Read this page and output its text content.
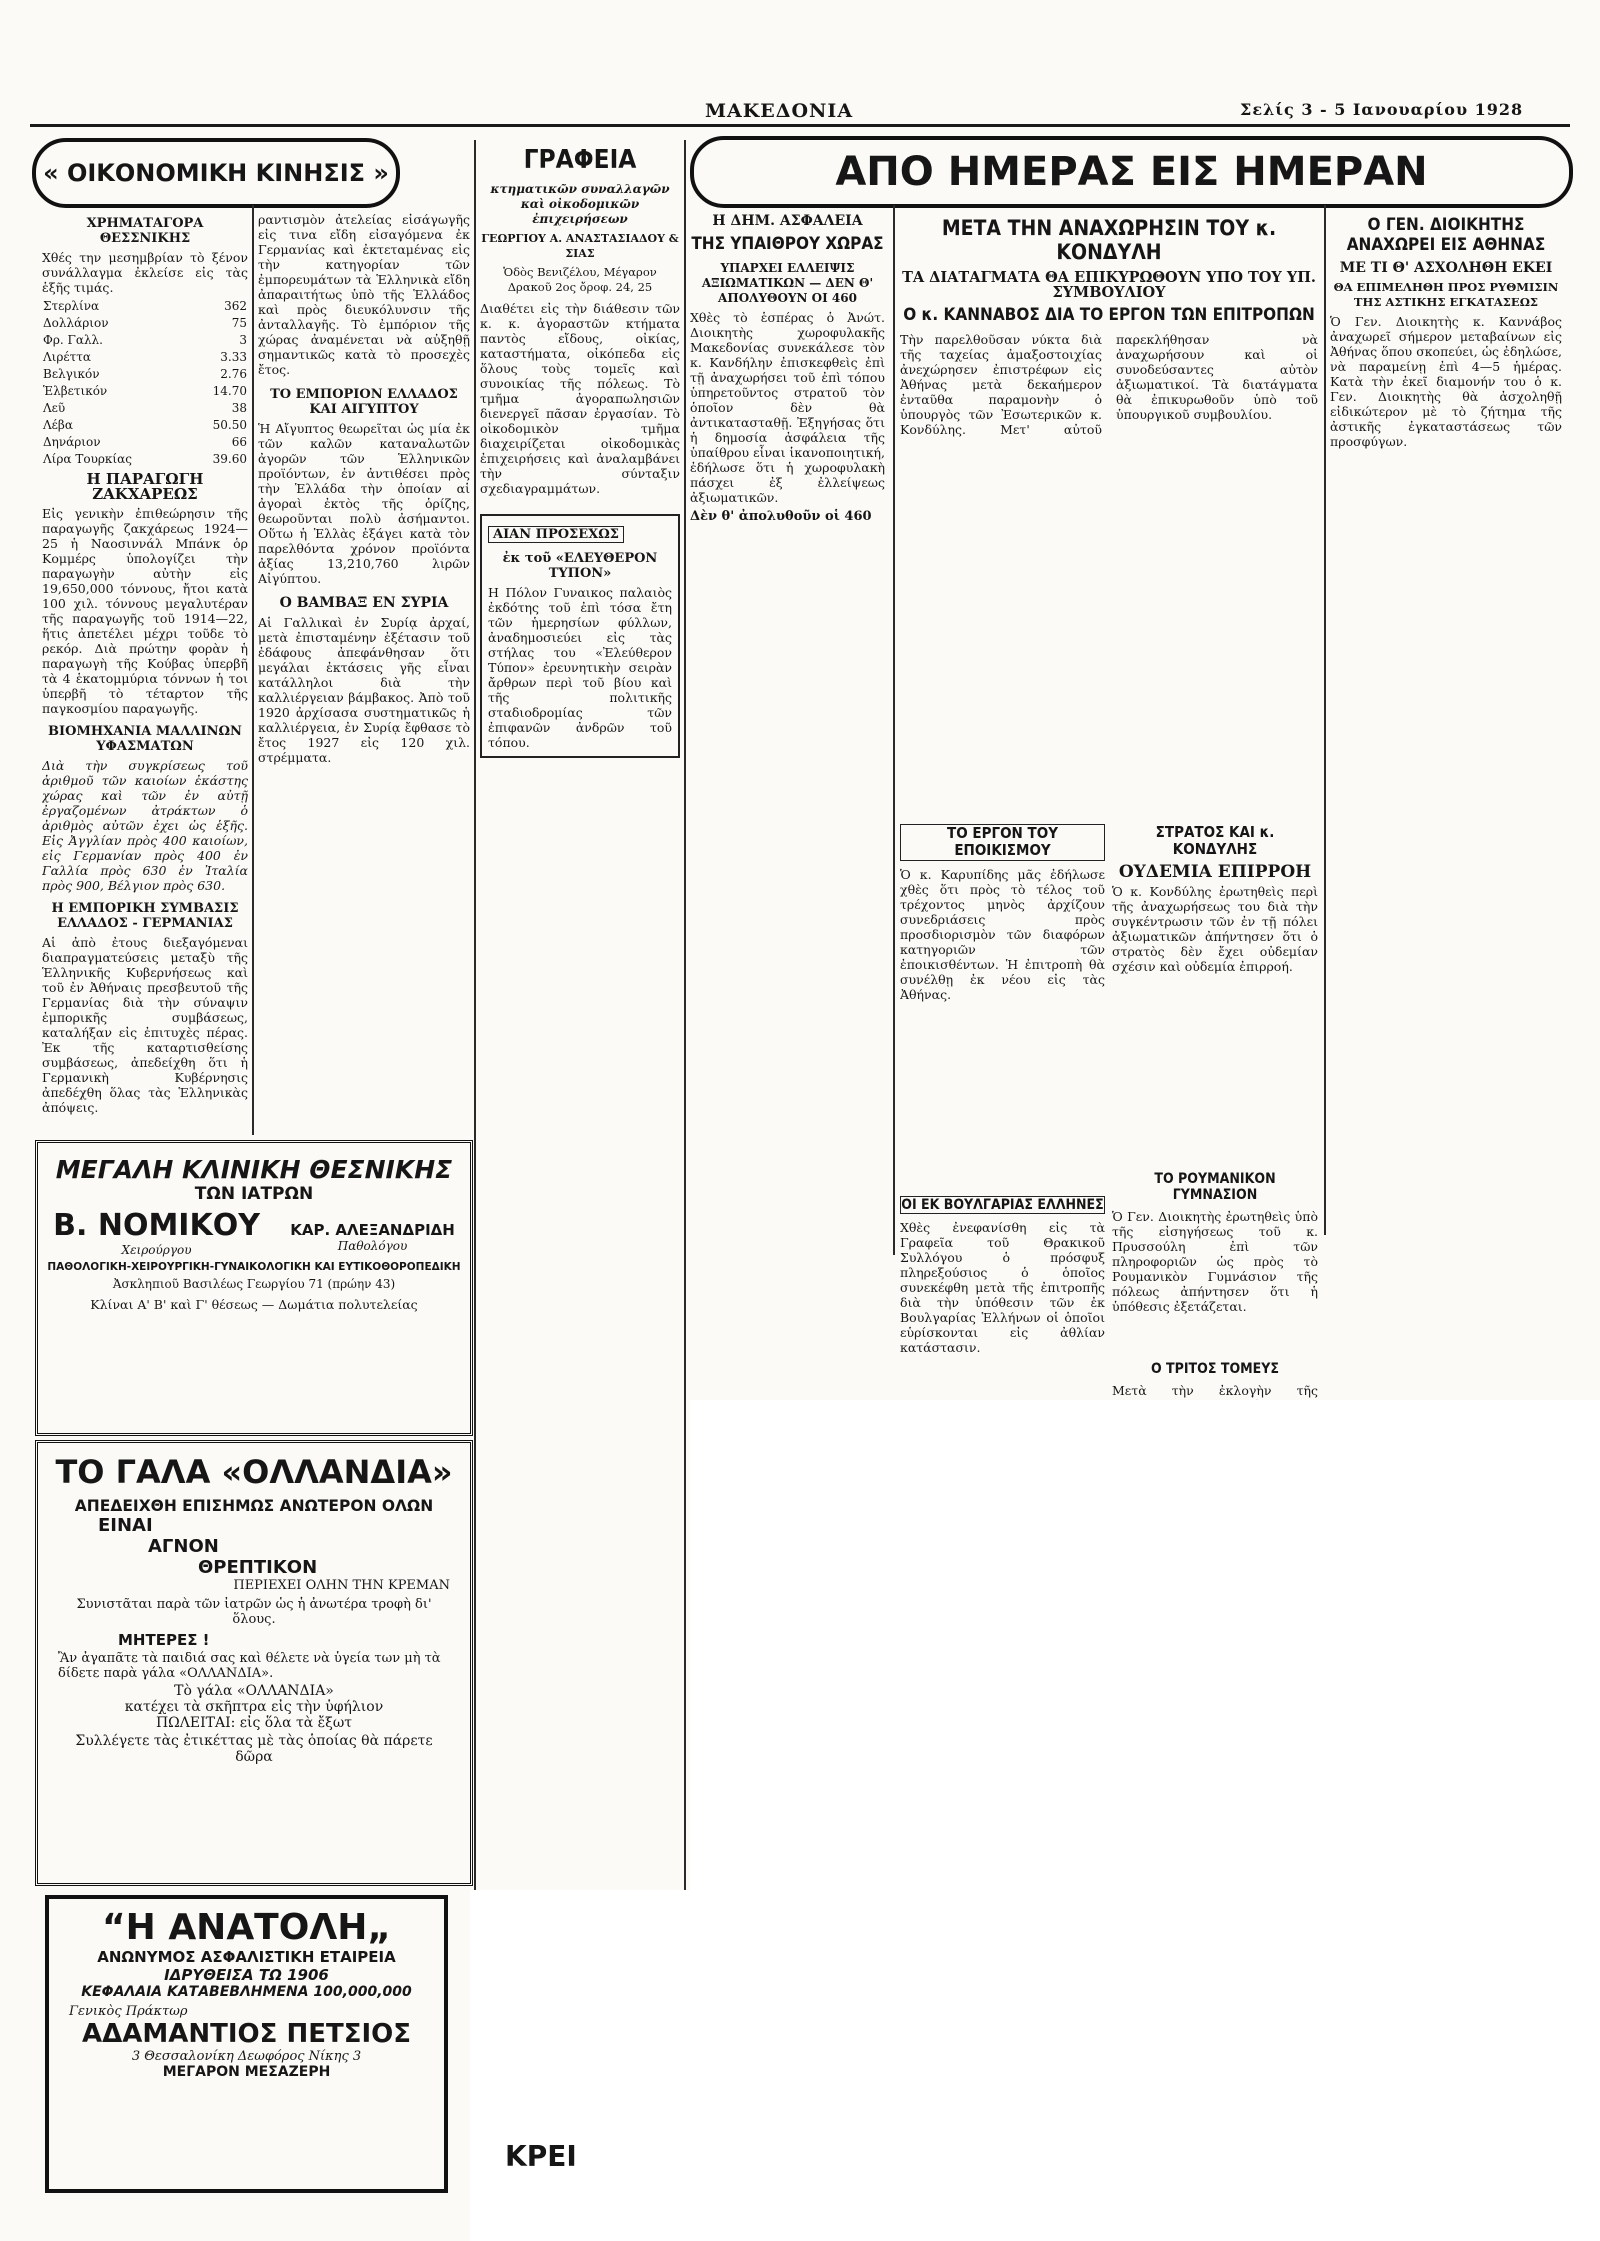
ΜΑΚΕΔΟΝΙΑ	Σελίς 3 - 5 Ιανουαρίου 1928
« ΟΙΚΟΝΟΜΙΚΗ ΚΙΝΗΣΙΣ »
ΧΡΗΜΑΤΑΓΟΡΑ ΘΕΣΣΝΙΚΗΣ
Χθές την μεσημβρίαν τὸ ξένον συνάλλαγμα ἐκλείσε εἰς τὰς ἑξῆς τιμάς.
Στερλίνα	362
Δολλάριον	75
Φρ. Γαλλ.	3
Λιρέττα	3.33
Βελγικόν	2.76
Ἑλβετικόν	14.70
Λεῦ	38
Λέβα	50.50
Δηνάριον	66
Λίρα Τουρκίας	39.60
Η ΠΑΡΑΓΩΓΗ ΖΑΚΧΑΡΕΩΣ
Εἰς γενικὴν ἐπιθεώρησιν τῆς παραγωγῆς ζακχάρεως 1924—25 ἡ Ναοσιννάλ Μπάνκ ὁρ Κομμέρς ὑπολογίζει τὴν παραγωγὴν αὐτὴν εἰς 19,650,000 τόννους, ἤτοι κατὰ 100 χιλ. τόννους μεγαλυτέραν τῆς παραγωγῆς τοῦ 1914—22, ἥτις ἀπετέλει μέχρι τοῦδε τὸ ρεκόρ. Διὰ πρώτην φορὰν ἡ παραγωγὴ τῆς Κούβας ὑπερβῆ τὰ 4 ἑκατομμύρια τόννων ἡ τοι ὑπερβῆ τὸ τέταρτον τῆς παγκοσμίου παραγωγῆς.
ΒΙΟΜΗΧΑΝΙΑ ΜΑΛΛΙΝΩΝ ΥΦΑΣΜΑΤΩΝ
Διὰ τὴν συγκρίσεως τοῦ ἀριθμοῦ τῶν καιοίων ἐκάστης χώρας καὶ τῶν ἐν αὐτῇ ἐργαζομένων ἀτράκτων ὁ ἀριθμὸς αὐτῶν ἐχει ὡς ἑξῆς. Εἰς Ἀγγλίαν πρὸς 400 καιοίων, εἰς Γερμανίαν πρὸς 400 ἐν Γαλλία πρὸς 630 ἐν Ἰταλία πρὸς 900, Βέλγιον πρὸς 630.
Η ΕΜΠΟΡΙΚΗ ΣΥΜΒΑΣΙΣ ΕΛΛΑΔΟΣ - ΓΕΡΜΑΝΙΑΣ
Αἱ ἀπὸ ἐτους διεξαγόμεναι διαπραγματεύσεις μεταξὺ τῆς Ἑλληνικῆς Κυβερνήσεως καὶ τοῦ ἐν Ἀθήναις πρεσβευτοῦ τῆς Γερμανίας διὰ τὴν σύναψιν ἐμπορικῆς συμβάσεως, καταλήξαν εἰς ἐπιτυχὲς πέρας. Ἐκ τῆς καταρτισθείσης συμβάσεως, ἀπεδείχθη ὅτι ἡ Γερμανικὴ Κυβέρνησις ἀπεδέχθη ὅλας τὰς Ἑλληνικὰς ἀπόψεις.
ραντισμὸν ἀτελείας εἰσάγωγῆς εἰς τινα εἴδη εἰσαγόμενα ἐκ Γερμανίας καὶ ἐκτεταμένας εἰς τὴν κατηγορίαν τῶν ἐμπορευμάτων τὰ Ἑλληνικὰ εἴδη ἀπαραιτήτως ὑπὸ τῆς Ἑλλάδος καὶ πρὸς διευκόλυνσιν τῆς ἀνταλλαγῆς. Τὸ ἐμπόριον τῆς χώρας ἀναμένεται νὰ αὐξηθῇ σημαντικῶς κατὰ τὸ προσεχὲς ἔτος.
ΤΟ ΕΜΠΟΡΙΟΝ ΕΛΛΑΔΟΣ ΚΑΙ ΑΙΓΥΠΤΟΥ
Ἡ Αἴγυπτος θεωρεῖται ὡς μία ἐκ τῶν καλῶν καταναλωτῶν ἀγορῶν τῶν Ἑλληνικῶν προϊόντων, ἐν ἀντιθέσει πρὸς τὴν Ἑλλάδα τὴν ὁποίαν αἱ ἀγοραὶ ἐκτὸς τῆς ὁρίζης, θεωροῦνται πολὺ ἀσήμαντοι. Οὕτω ἡ Ἑλλὰς ἐξάγει κατὰ τὸν παρελθόντα χρόνον προϊόντα ἀξίας 13,210,760 λιρῶν Αἰγύπτου.
Ο ΒΑΜΒΑΞ ΕΝ ΣΥΡΙΑ
Αἱ Γαλλικαὶ ἐν Συρίᾳ ἀρχαί, μετὰ ἐπισταμένην ἐξέτασιν τοῦ ἐδάφους ἀπεφάνθησαν ὅτι μεγάλαι ἐκτάσεις γῆς εἶναι κατάλληλοι διὰ τὴν καλλιέργειαν βάμβακος. Ἀπὸ τοῦ 1920 ἀρχίσασα συστηματικῶς ἡ καλλιέργεια, ἐν Συρίᾳ ἔφθασε τὸ ἔτος 1927 εἰς 120 χιλ. στρέμματα.
ΓΡΑΦΕΙΑ
κτηματικῶν συναλλαγῶν καὶ οἰκοδομικῶν ἐπιχειρήσεων
ΓΕΩΡΓΙΟΥ Α. ΑΝΑΣΤΑΣΙΑΔΟΥ & ΣΙΑΣ
Ὁδὸς Βενιζέλου, Μέγαρον Δρακοῦ 2ος ὄροφ. 24, 25
Διαθέτει εἰς τὴν διάθεσιν τῶν κ. κ. ἀγοραστῶν κτήματα παντὸς εἴδους, οἰκίας, καταστήματα, οἰκόπεδα εἰς ὅλους τοὺς τομεῖς καὶ συνοικίας τῆς πόλεως. Τὸ τμῆμα ἀγοραπωλησιῶν διενεργεῖ πᾶσαν ἐργασίαν. Τὸ οἰκοδομικὸν τμῆμα διαχειρίζεται οἰκοδομικὰς ἐπιχειρήσεις καὶ ἀναλαμβάνει τὴν σύνταξιν σχεδιαγραμμάτων.
ΑΙΑΝ ΠΡΟΣΕΧΩΣ
ἐκ τοῦ «ΕΛΕΥΘΕΡΟΝ ΤΥΠΟΝ»
Η Πόλον Γυναικος παλαιὸς ἐκδότης τοῦ ἐπὶ τόσα ἔτη τῶν ἡμερησίων φύλλων, ἀναδημοσιεύει εἰς τὰς στήλας του «Ἐλεύθερον Τύπον» ἐρευνητικὴν σειρὰν ἄρθρων περὶ τοῦ βίου καὶ τῆς πολιτικῆς σταδιοδρομίας τῶν ἐπιφανῶν ἀνδρῶν τοῦ τόπου.
ΑΠΟ ΗΜΕΡΑΣ ΕΙΣ ΗΜΕΡΑΝ
Η ΔΗΜ. ΑΣΦΑΛΕΙΑ
ΤΗΣ ΥΠΑΙΘΡΟΥ ΧΩΡΑΣ
ΥΠΑΡΧΕΙ ΕΛΛΕΙΨΙΣ ΑΞΙΩΜΑΤΙΚΩΝ — ΔΕΝ Θ' ΑΠΟΛΥΘΟΥΝ ΟΙ 460
Χθὲς τὸ ἑσπέρας ὁ Ἀνώτ. Διοικητὴς χωροφυλακῆς Μακεδονίας συνεκάλεσε τὸν κ. Κανδήλην ἐπισκεφθεὶς ἐπὶ τῇ ἀναχωρήσει τοῦ ἐπὶ τόπου ὑπηρετοῦντος στρατοῦ τὸν ὁποῖον δὲν θὰ ἀντικατασταθῇ. Ἐξηγήσας ὅτι ἡ δημοσία ἀσφάλεια τῆς ὑπαίθρου εἶναι ἱκανοποιητική, ἐδήλωσε ὅτι ἡ χωροφυλακὴ πάσχει ἐξ ἐλλείψεως ἀξιωματικῶν.
Δὲν θ' ἀπολυθοῦν οἱ 460
ΜΕΤΑ ΤΗΝ ΑΝΑΧΩΡΗΣΙΝ ΤΟΥ κ. ΚΟΝΔΥΛΗ
ΤΑ ΔΙΑΤΑΓΜΑΤΑ ΘΑ ΕΠΙΚΥΡΩΘΟΥΝ ΥΠΟ ΤΟΥ ΥΠ. ΣΥΜΒΟΥΛΙΟΥ
Ο κ. ΚΑΝΝΑΒΟΣ ΔΙΑ ΤΟ ΕΡΓΟΝ ΤΩΝ ΕΠΙΤΡΟΠΩΝ
Τὴν παρελθοῦσαν νύκτα διὰ τῆς ταχείας ἀμαξοστοιχίας ἀνεχώρησεν ἐπιστρέφων εἰς Ἀθήνας μετὰ δεκαήμερον ἐνταῦθα παραμονὴν ὁ ὑπουργὸς τῶν Ἐσωτερικῶν κ. Κονδύλης. Μετ' αὐτοῦ παρεκλήθησαν νὰ ἀναχωρήσουν καὶ οἱ συνοδεύσαντες αὐτὸν ἀξιωματικοί. Τὰ διατάγματα θὰ ἐπικυρωθοῦν ὑπὸ τοῦ ὑπουργικοῦ συμβουλίου.
Ο ΓΕΝ. ΔΙΟΙΚΗΤΗΣ ΑΝΑΧΩΡΕΙ ΕΙΣ ΑΘΗΝΑΣ
ΜΕ ΤΙ Θ' ΑΣΧΟΛΗΘΗ ΕΚΕΙ
ΘΑ ΕΠΙΜΕΛΗΘΗ ΠΡΟΣ ΡΥΘΜΙΣΙΝ ΤΗΣ ΑΣΤΙΚΗΣ ΕΓΚΑΤΑΣΕΩΣ
Ὁ Γεν. Διοικητὴς κ. Καννάβος ἀναχωρεῖ σήμερον μεταβαίνων εἰς Ἀθήνας ὅπου σκοπεύει, ὡς ἐδηλώσε, νὰ παραμείνῃ ἐπὶ 4—5 ἡμέρας. Κατὰ τὴν ἐκεῖ διαμονήν του ὁ κ. Γεν. Διοικητὴς θὰ ἀσχοληθῇ εἰδικώτερον μὲ τὸ ζήτημα τῆς ἀστικῆς ἐγκαταστάσεως τῶν προσφύγων.
ΤΟ ΕΡΓΟΝ ΤΟΥ ΕΠΟΙΚΙΣΜΟΥ
Ὁ κ. Καρυπίδης μᾶς ἐδήλωσε χθὲς ὅτι πρὸς τὸ τέλος τοῦ τρέχοντος μηνὸς ἀρχίζουν συνεδριάσεις πρὸς προσδιορισμὸν τῶν διαφόρων κατηγοριῶν τῶν ἐποικισθέντων. Ἡ ἐπιτροπὴ θὰ συνέλθῃ ἐκ νέου εἰς τὰς Ἀθήνας.
ΣΤΡΑΤΟΣ ΚΑΙ κ. ΚΟΝΔΥΛΗΣ
ΟΥΔΕΜΙΑ ΕΠΙΡΡΟΗ
Ὁ κ. Κονδύλης ἐρωτηθεὶς περὶ τῆς ἀναχωρήσεως του διὰ τὴν συγκέντρωσιν τῶν ἐν τῇ πόλει ἀξιωματικῶν ἀπήντησεν ὅτι ὁ στρατὸς δὲν ἔχει οὐδεμίαν σχέσιν καὶ οὐδεμία ἐπιρροή.
ΟΙ ΕΚ ΒΟΥΛΓΑΡΙΑΣ ΕΛΛΗΝΕΣ
Χθὲς ἐνεφανίσθη εἰς τὰ Γραφεῖα τοῦ Θρακικοῦ Συλλόγου ὁ πρόσφυξ πληρεξούσιος ὁ ὁποῖος συνεκέφθη μετὰ τῆς ἐπιτροπῆς διὰ τὴν ὑπόθεσιν τῶν ἐκ Βουλγαρίας Ἑλλήνων οἱ ὁποῖοι εὑρίσκονται εἰς ἀθλίαν κατάστασιν.
ΤΟ ΡΟΥΜΑΝΙΚΟΝ ΓΥΜΝΑΣΙΟΝ
Ὁ Γεν. Διοικητὴς ἐρωτηθεὶς ὑπὸ τῆς εἰσηγήσεως τοῦ κ. Πρυσσούλη ἐπὶ τῶν πληροφοριῶν ὡς πρὸς τὸ Ρουμανικὸν Γυμνάσιον τῆς πόλεως ἀπήντησεν ὅτι ἡ ὑπόθεσις ἐξετάζεται.
Ο ΤΡΙΤΟΣ ΤΟΜΕΥΣ
Μετὰ τὴν ἐκλογὴν τῆς
ΜΕΓΑΛΗ ΚΛΙΝΙΚΗ ΘΕΣΝΙΚΗΣ
ΤΩΝ ΙΑΤΡΩΝ
Β. ΝΟΜΙΚΟΥ
Χειρούργου
ΚΑΡ. ΑΛΕΞΑΝΔΡΙΔΗ
Παθολόγου
ΠΑΘΟΛΟΓΙΚΗ-ΧΕΙΡΟΥΡΓΙΚΗ-ΓΥΝΑΙΚΟΛΟΓΙΚΗ ΚΑΙ ΕΥΤΙΚΟΘΟΡΟΠΕΔΙΚΗ
Ἀσκληπιοῦ Βασιλέως Γεωργίου 71 (πρώην 43)
Κλίναι Α' Β' καὶ Γ' θέσεως — Δωμάτια πολυτελείας
ΤΟ ΓΑΛΑ «ΟΛΛΑΝΔΙΑ»
ΑΠΕΔΕΙΧΘΗ ΕΠΙΣΗΜΩΣ ΑΝΩΤΕΡΟΝ ΟΛΩΝ
ΕΙΝΑΙ
ΑΓΝΟΝ
ΘΡΕΠΤΙΚΟΝ
ΠΕΡΙΕΧΕΙ ΟΛΗΝ ΤΗΝ ΚΡΕΜΑΝ
Συνιστᾶται παρὰ τῶν ἰατρῶν ὡς ἡ ἀνωτέρα τροφὴ δι' ὅλους.
ΜΗΤΕΡΕΣ !
Ἂν ἀγαπᾶτε τὰ παιδιά σας καὶ θέλετε νὰ ὑγεία των μὴ τὰ δίδετε παρὰ γάλα «ΟΛΛΑΝΔΙΑ».
Τὸ γάλα «ΟΛΛΑΝΔΙΑ»
κατέχει τὰ σκῆπτρα εἰς τὴν ὑφήλιον
ΠΩΛΕΙΤΑΙ: εἰς ὅλα τὰ ἔξωτ
Συλλέγετε τὰς ἐτικέττας μὲ τὰς ὁποίας θὰ πάρετε δῶρα
“Η ΑΝΑΤΟΛΗ„
ΑΝΩΝΥΜΟΣ ΑΣΦΑΛΙΣΤΙΚΗ ΕΤΑΙΡΕΙΑ
ΙΔΡΥΘΕΙΣΑ ΤΩ 1906
ΚΕΦΑΛΑΙΑ ΚΑΤΑΒΕΒΛΗΜΕΝΑ 100,000,000
Γενικὸς Πράκτωρ
ΑΔΑΜΑΝΤΙΟΣ ΠΕΤΣΙΟΣ
3 Θεσσαλονίκη Δεωφόρος Νίκης 3
ΜΕΓΑΡΟΝ ΜΕΣΑΖΕΡΗ
ΚΡΕΙ
